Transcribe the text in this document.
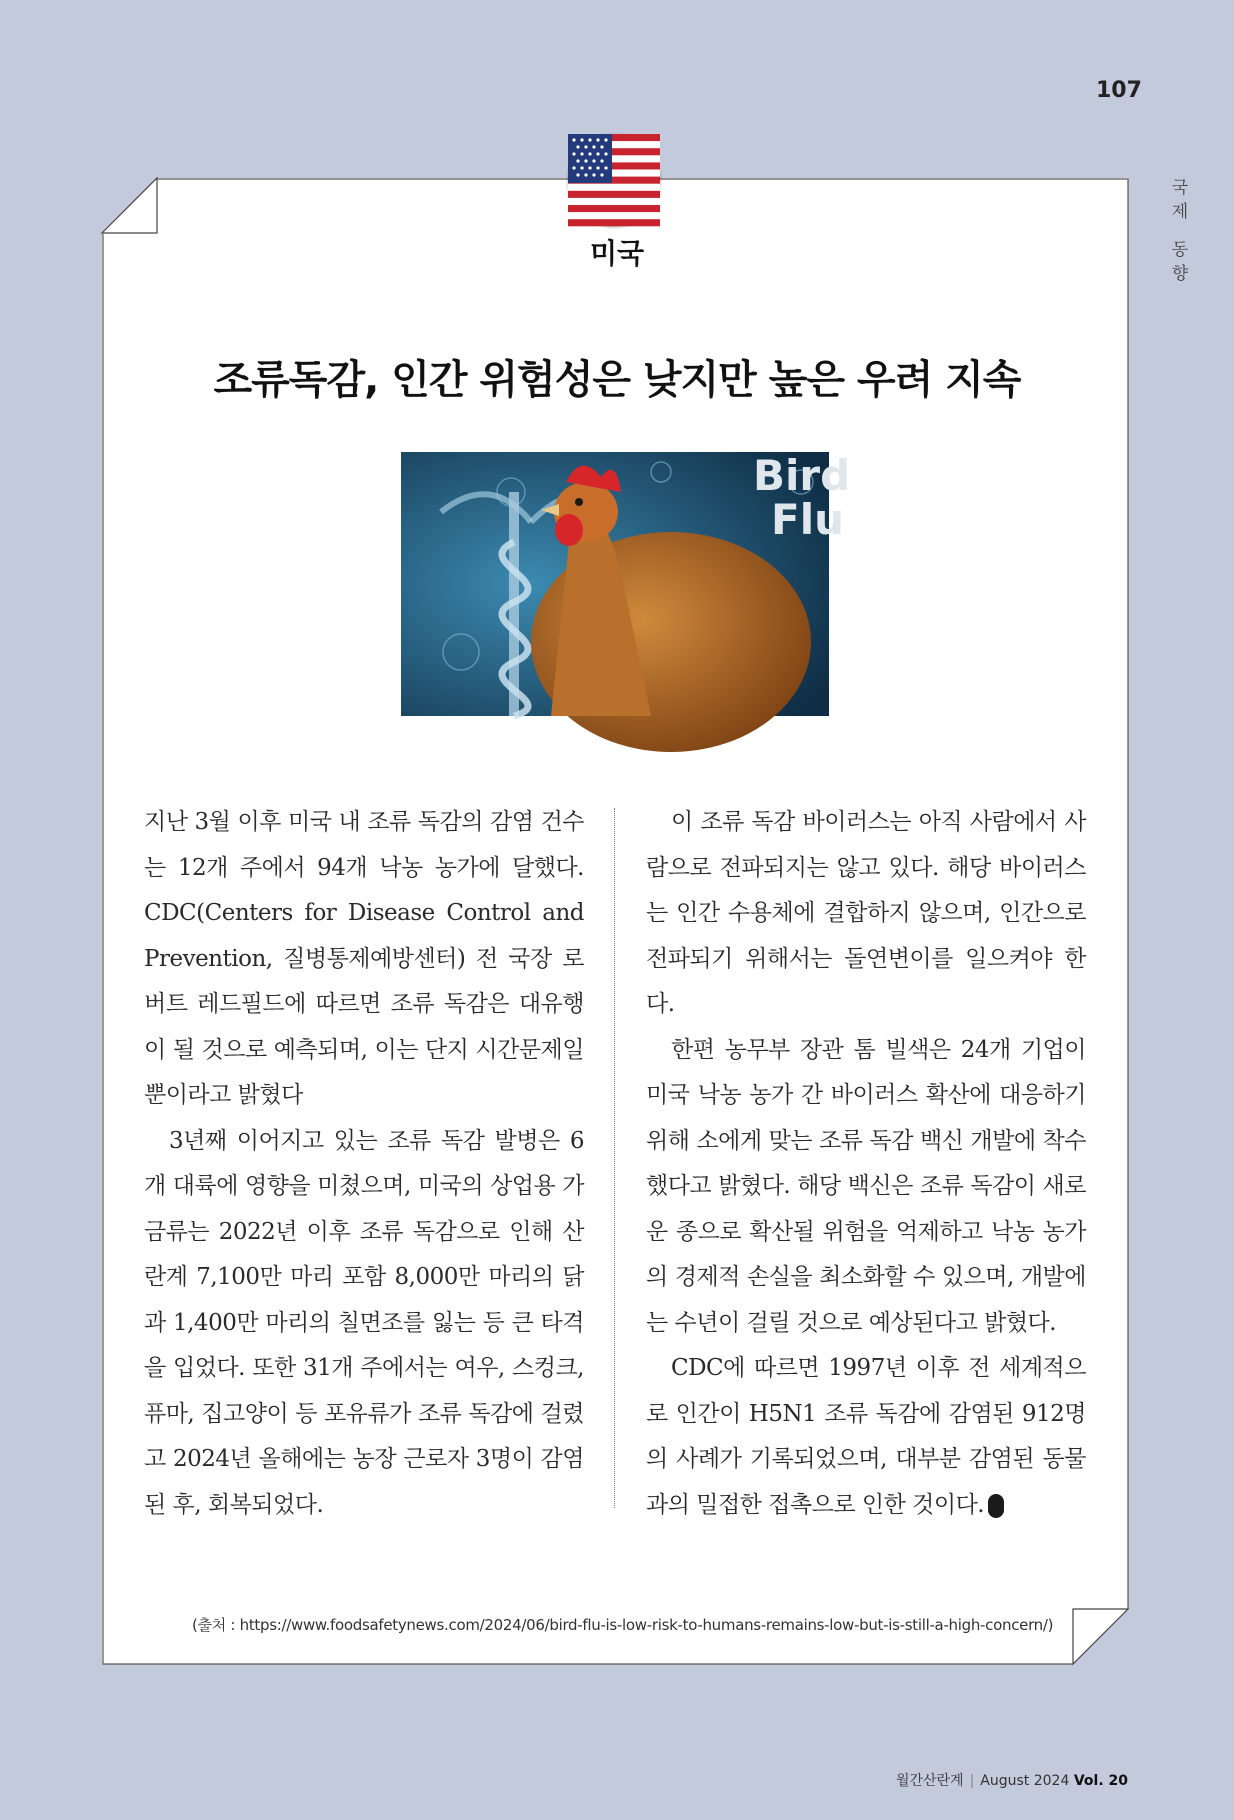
107
국
제
동
향
미국
조류독감, 인간 위험성은 낮지만 높은 우려 지속
Bird
Flu

지난 3월 이후 미국 내 조류 독감의 감염 건수는 12개 주에서 94개 낙농 농가에 달했다. CDC(Centers for Disease Control and Prevention, 질병통제예방센터) 전 국장 로버트 레드필드에 따르면 조류 독감은 대유행이 될 것으로 예측되며, 이는 단지 시간문제일 뿐이라고 밝혔다

3년째 이어지고 있는 조류 독감 발병은 6개 대륙에 영향을 미쳤으며, 미국의 상업용 가금류는 2022년 이후 조류 독감으로 인해 산란계 7,100만 마리 포함 8,000만 마리의 닭과 1,400만 마리의 칠면조를 잃는 등 큰 타격을 입었다. 또한 31개 주에서는 여우, 스컹크, 퓨마, 집고양이 등 포유류가 조류 독감에 걸렸고 2024년 올해에는 농장 근로자 3명이 감염된 후, 회복되었다.

이 조류 독감 바이러스는 아직 사람에서 사람으로 전파되지는 않고 있다. 해당 바이러스는 인간 수용체에 결합하지 않으며, 인간으로 전파되기 위해서는 돌연변이를 일으켜야 한다.

한편 농무부 장관 톰 빌색은 24개 기업이 미국 낙농 농가 간 바이러스 확산에 대응하기 위해 소에게 맞는 조류 독감 백신 개발에 착수했다고 밝혔다. 해당 백신은 조류 독감이 새로운 종으로 확산될 위험을 억제하고 낙농 농가의 경제적 손실을 최소화할 수 있으며, 개발에는 수년이 걸릴 것으로 예상된다고 밝혔다.

CDC에 따르면 1997년 이후 전 세계적으로 인간이 H5N1 조류 독감에 감염된 912명의 사례가 기록되었으며, 대부분 감염된 동물과의 밀접한 접촉으로 인한 것이다.

(출처 : https://www.foodsafetynews.com/2024/06/bird-flu-is-low-risk-to-humans-remains-low-but-is-still-a-high-concern/)
월간산란계 | August 2024 Vol. 20
